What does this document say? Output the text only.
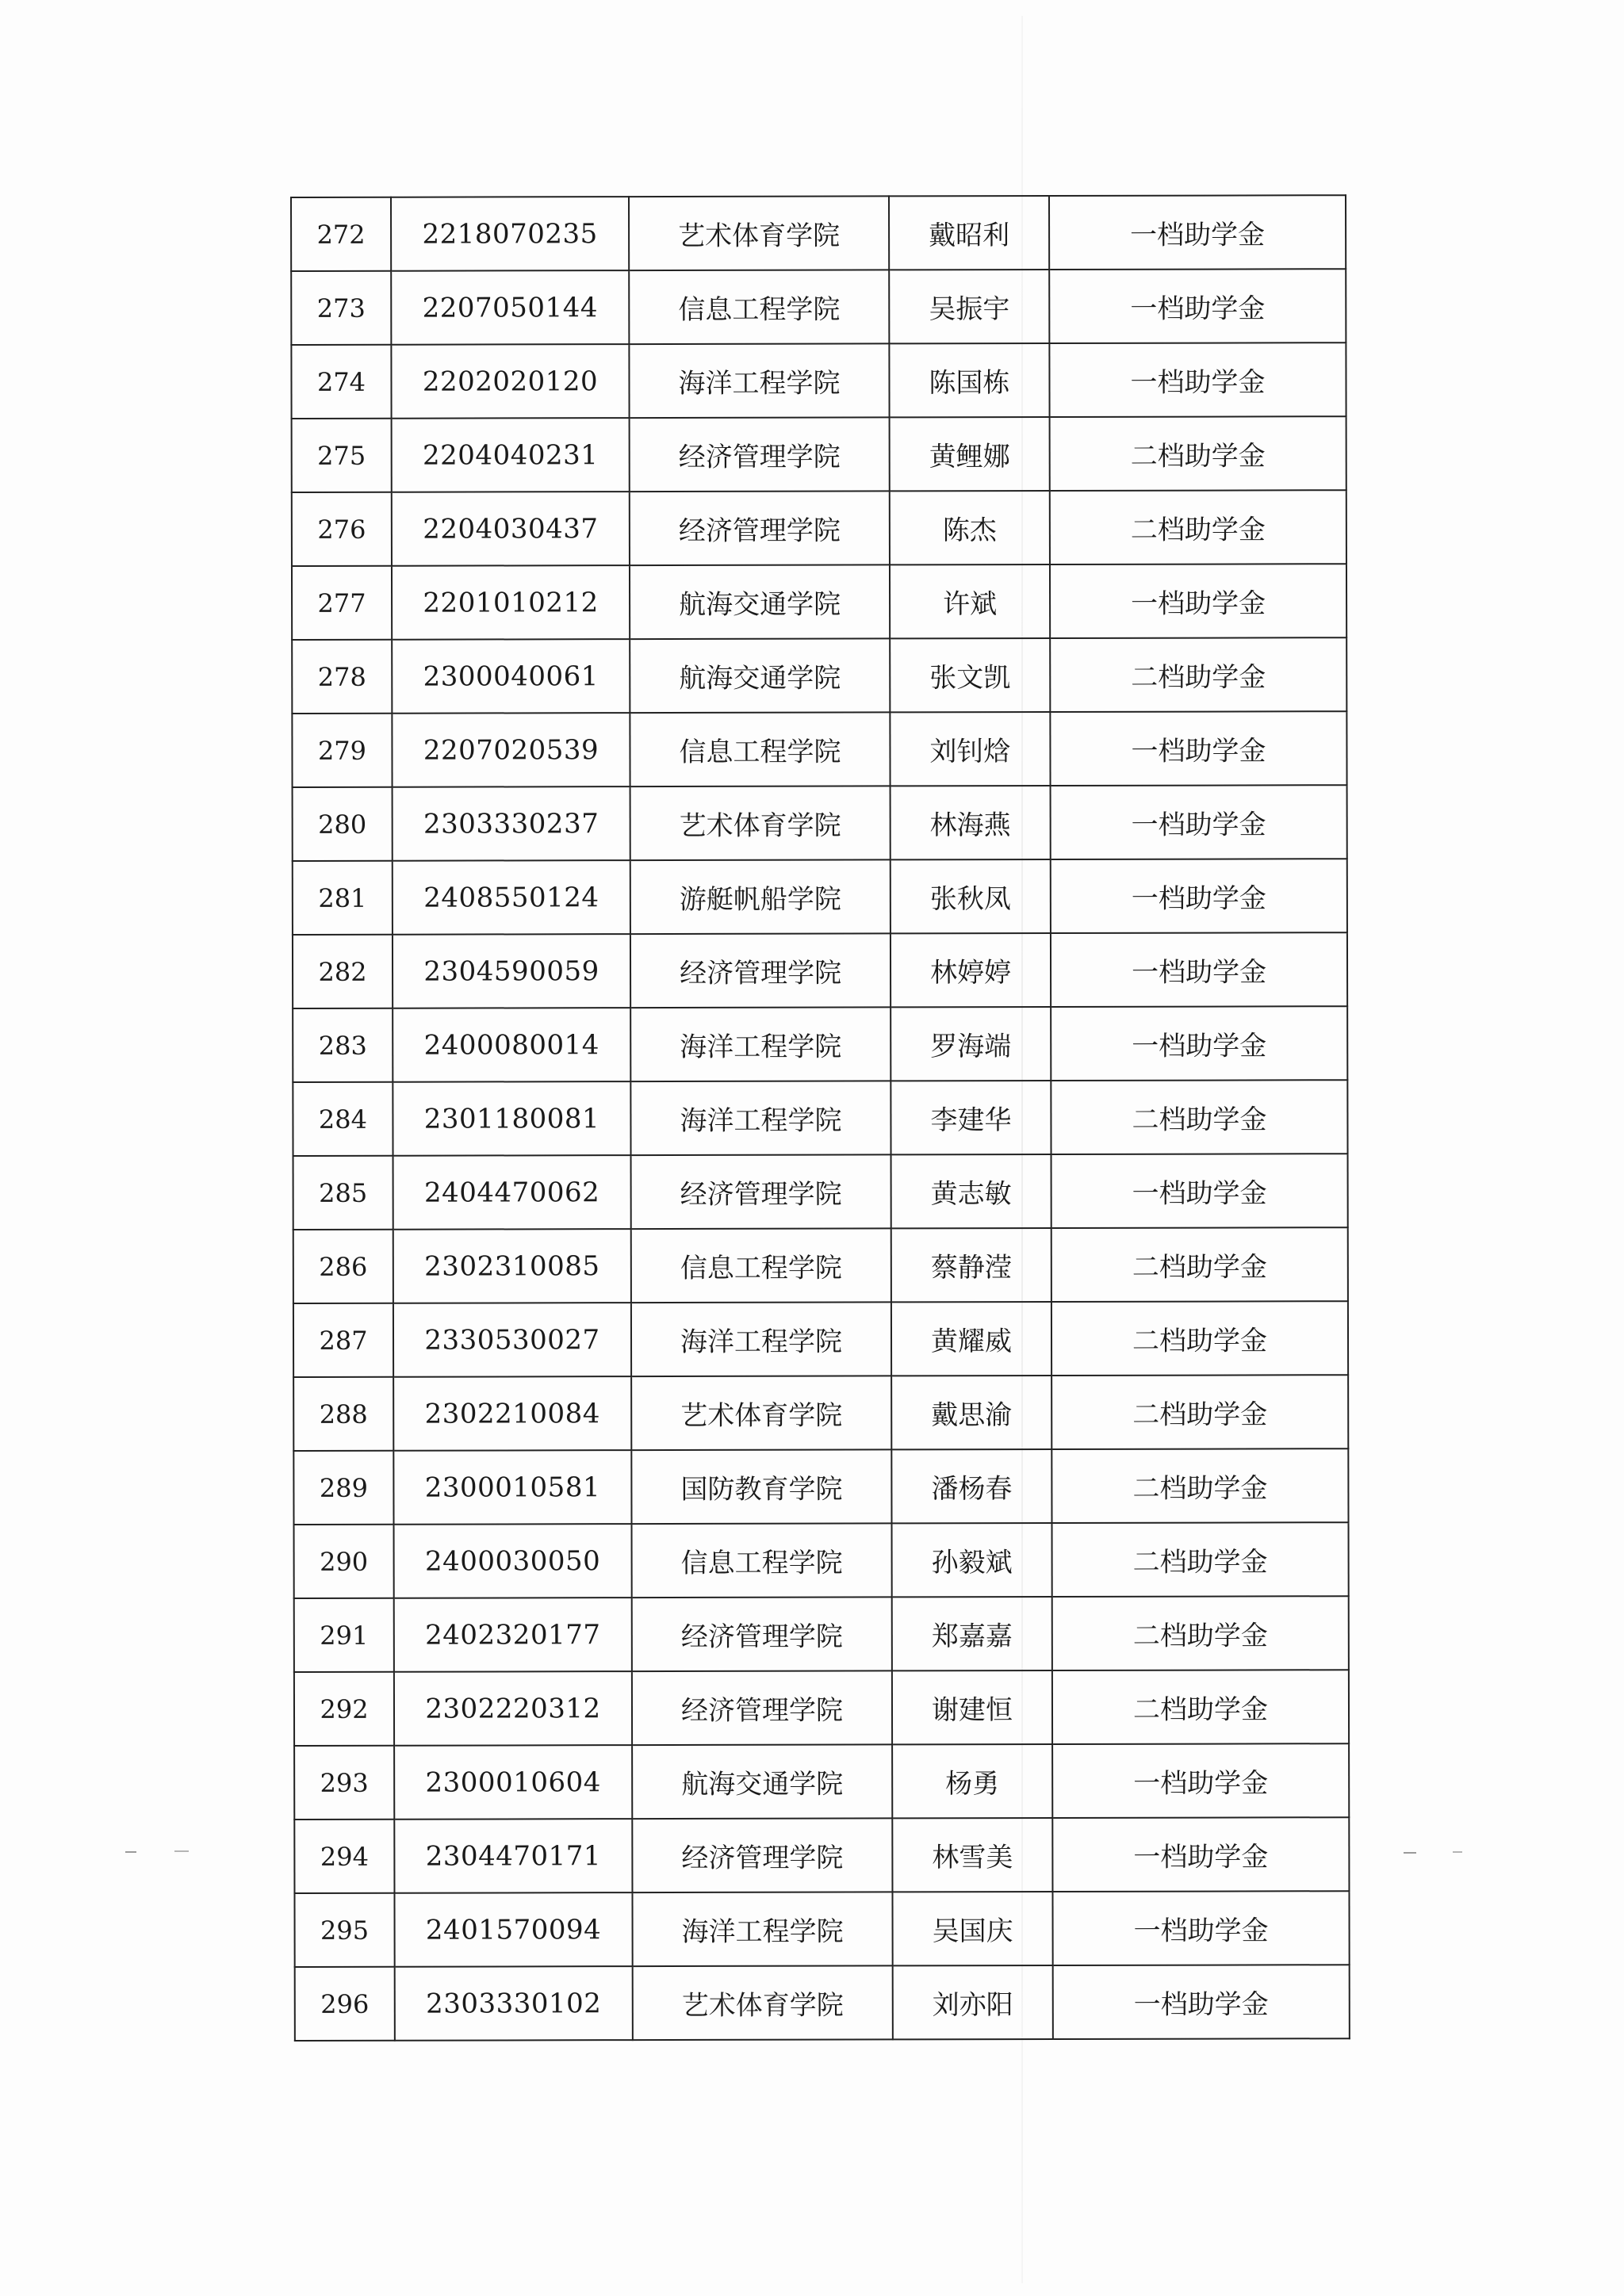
272	2218070235	艺术体育学院	戴昭利	一档助学金
273	2207050144	信息工程学院	吴振宇	一档助学金
274	2202020120	海洋工程学院	陈国栋	一档助学金
275	2204040231	经济管理学院	黄鲤娜	二档助学金
276	2204030437	经济管理学院	陈杰	二档助学金
277	2201010212	航海交通学院	许斌	一档助学金
278	2300040061	航海交通学院	张文凯	二档助学金
279	2207020539	信息工程学院	刘钊焓	一档助学金
280	2303330237	艺术体育学院	林海燕	一档助学金
281	2408550124	游艇帆船学院	张秋凤	一档助学金
282	2304590059	经济管理学院	林婷婷	一档助学金
283	2400080014	海洋工程学院	罗海端	一档助学金
284	2301180081	海洋工程学院	李建华	二档助学金
285	2404470062	经济管理学院	黄志敏	一档助学金
286	2302310085	信息工程学院	蔡静滢	二档助学金
287	2330530027	海洋工程学院	黄耀威	二档助学金
288	2302210084	艺术体育学院	戴思渝	二档助学金
289	2300010581	国防教育学院	潘杨春	二档助学金
290	2400030050	信息工程学院	孙毅斌	二档助学金
291	2402320177	经济管理学院	郑嘉嘉	二档助学金
292	2302220312	经济管理学院	谢建恒	二档助学金
293	2300010604	航海交通学院	杨勇	一档助学金
294	2304470171	经济管理学院	林雪美	一档助学金
295	2401570094	海洋工程学院	吴国庆	一档助学金
296	2303330102	艺术体育学院	刘亦阳	一档助学金
